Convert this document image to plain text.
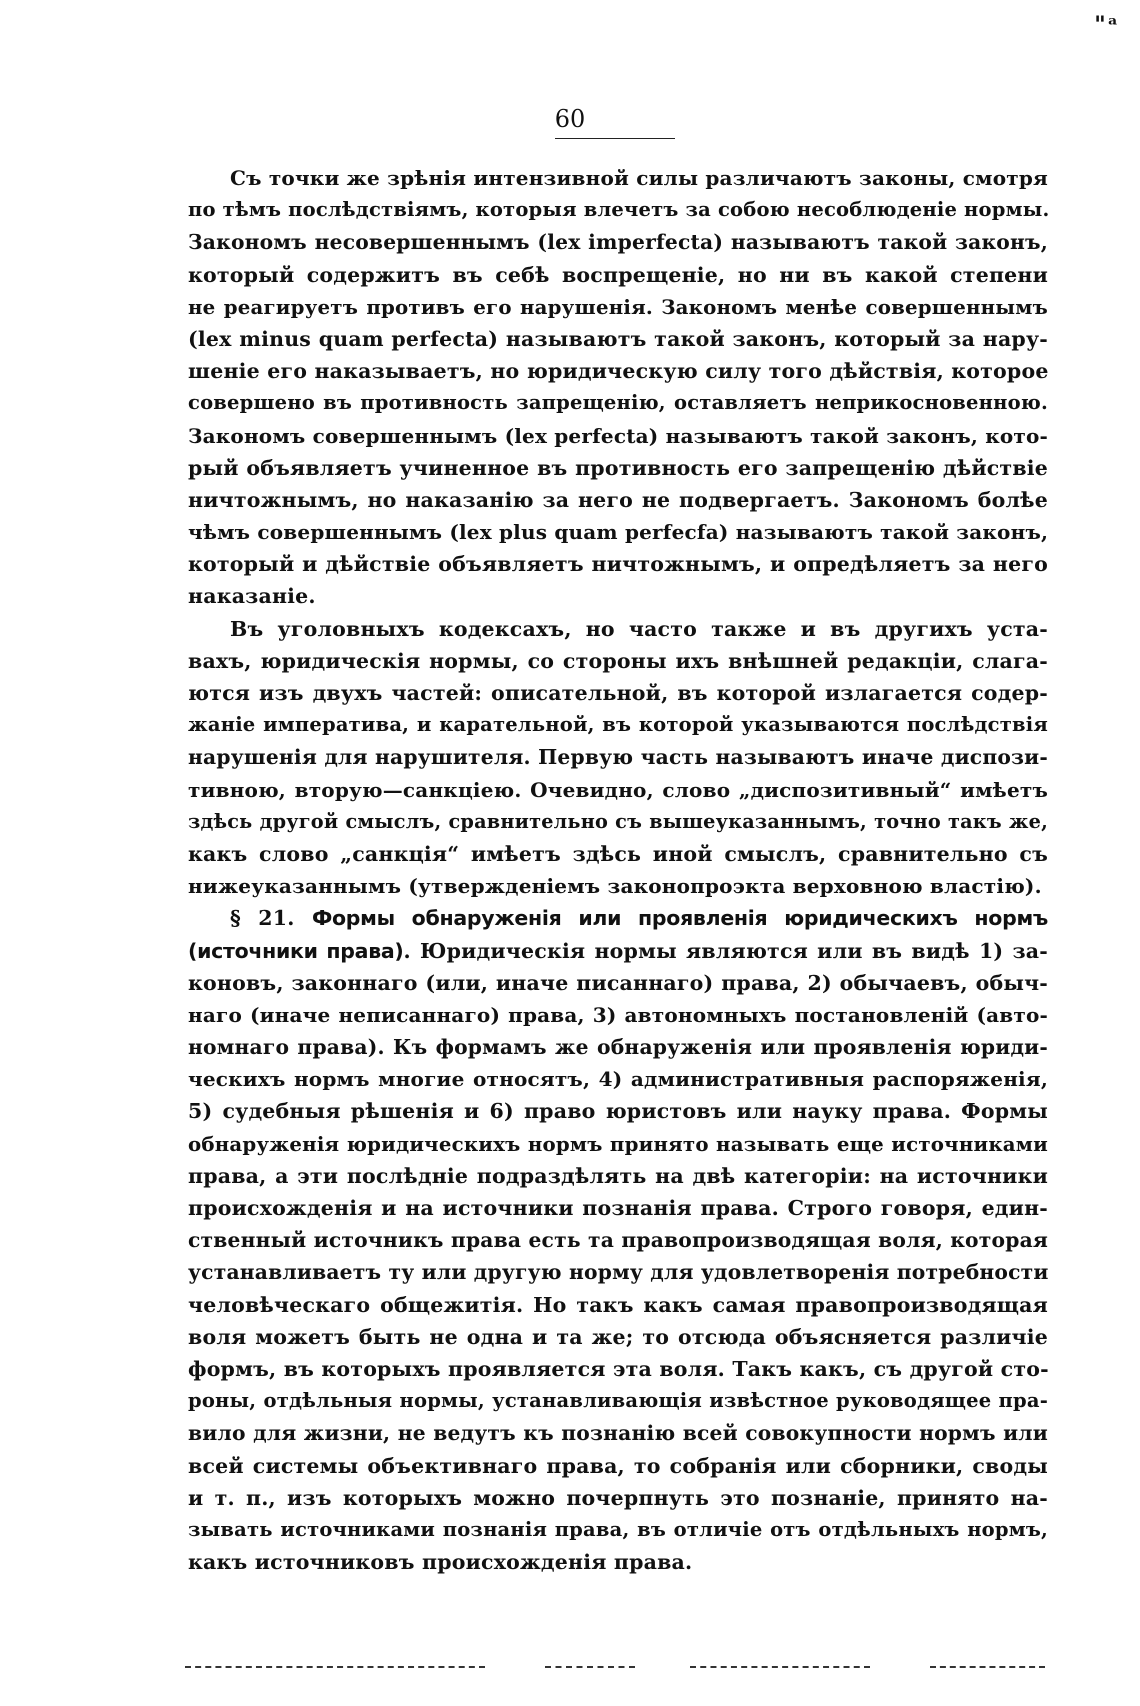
"ᵃ
60
Съ точки же зрѣнія интензивной силы различаютъ законы, смотря
по тѣмъ послѣдствіямъ, которыя влечетъ за собою несоблюденіе нормы.
Закономъ несовершеннымъ (lex imperfecta) называютъ такой законъ,
который содержитъ въ себѣ воспрещеніе, но ни въ какой степени
не реагируетъ противъ его нарушенія. Закономъ менѣе совершеннымъ
(lex minus quam perfecta) называютъ такой законъ, который за нару-
шеніе его наказываетъ, но юридическую силу того дѣйствія, которое
совершено въ противность запрещенію, оставляетъ неприкосновенною.
Закономъ совершеннымъ (lex perfecta) называютъ такой законъ, кото-
рый объявляетъ учиненное въ противность его запрещенію дѣйствіе
ничтожнымъ, но наказанію за него не подвергаетъ. Закономъ болѣе
чѣмъ совершеннымъ (lex plus quam perfecfa) называютъ такой законъ,
который и дѣйствіе объявляетъ ничтожнымъ, и опредѣляетъ за него
наказаніе.
Въ уголовныхъ кодексахъ, но часто также и въ другихъ уста-
вахъ, юридическія нормы, со стороны ихъ внѣшней редакціи, слага-
ются изъ двухъ частей: описательной, въ которой излагается содер-
жаніе императива, и карательной, въ которой указываются послѣдствія
нарушенія для нарушителя. Первую часть называютъ иначе диспози-
тивною, вторую—санкціею. Очевидно, слово „диспозитивный“ имѣетъ
здѣсь другой смыслъ, сравнительно съ вышеуказаннымъ, точно такъ же,
какъ слово „санкція“ имѣетъ здѣсь иной смыслъ, сравнительно съ
нижеуказаннымъ (утвержденіемъ законопроэкта верховною властію).
§ 21. Формы обнаруженія или проявленія юридическихъ нормъ
(источники права). Юридическія нормы являются или въ видѣ 1) за-
коновъ, законнаго (или, иначе писаннаго) права, 2) обычаевъ, обыч-
наго (иначе неписаннаго) права, 3) автономныхъ постановленій (авто-
номнаго права). Къ формамъ же обнаруженія или проявленія юриди-
ческихъ нормъ многие относятъ, 4) административныя распоряженія,
5) судебныя рѣшенія и 6) право юристовъ или науку права. Формы
обнаруженія юридическихъ нормъ принято называть еще источниками
права, а эти послѣдніе подраздѣлять на двѣ категоріи: на источники
происхожденія и на источники познанія права. Строго говоря, един-
ственный источникъ права есть та правопроизводящая воля, которая
устанавливаетъ ту или другую норму для удовлетворенія потребности
человѣческаго общежитія. Но такъ какъ самая правопроизводящая
воля можетъ быть не одна и та же; то отсюда объясняется различіе
формъ, въ которыхъ проявляется эта воля. Такъ какъ, съ другой сто-
роны, отдѣльныя нормы, устанавливающія извѣстное руководящее пра-
вило для жизни, не ведутъ къ познанію всей совокупности нормъ или
всей системы объективнаго права, то собранія или сборники, своды
и т. п., изъ которыхъ можно почерпнуть это познаніе, принято на-
зывать источниками познанія права, въ отличіе отъ отдѣльныхъ нормъ,
какъ источниковъ происхожденія права.
